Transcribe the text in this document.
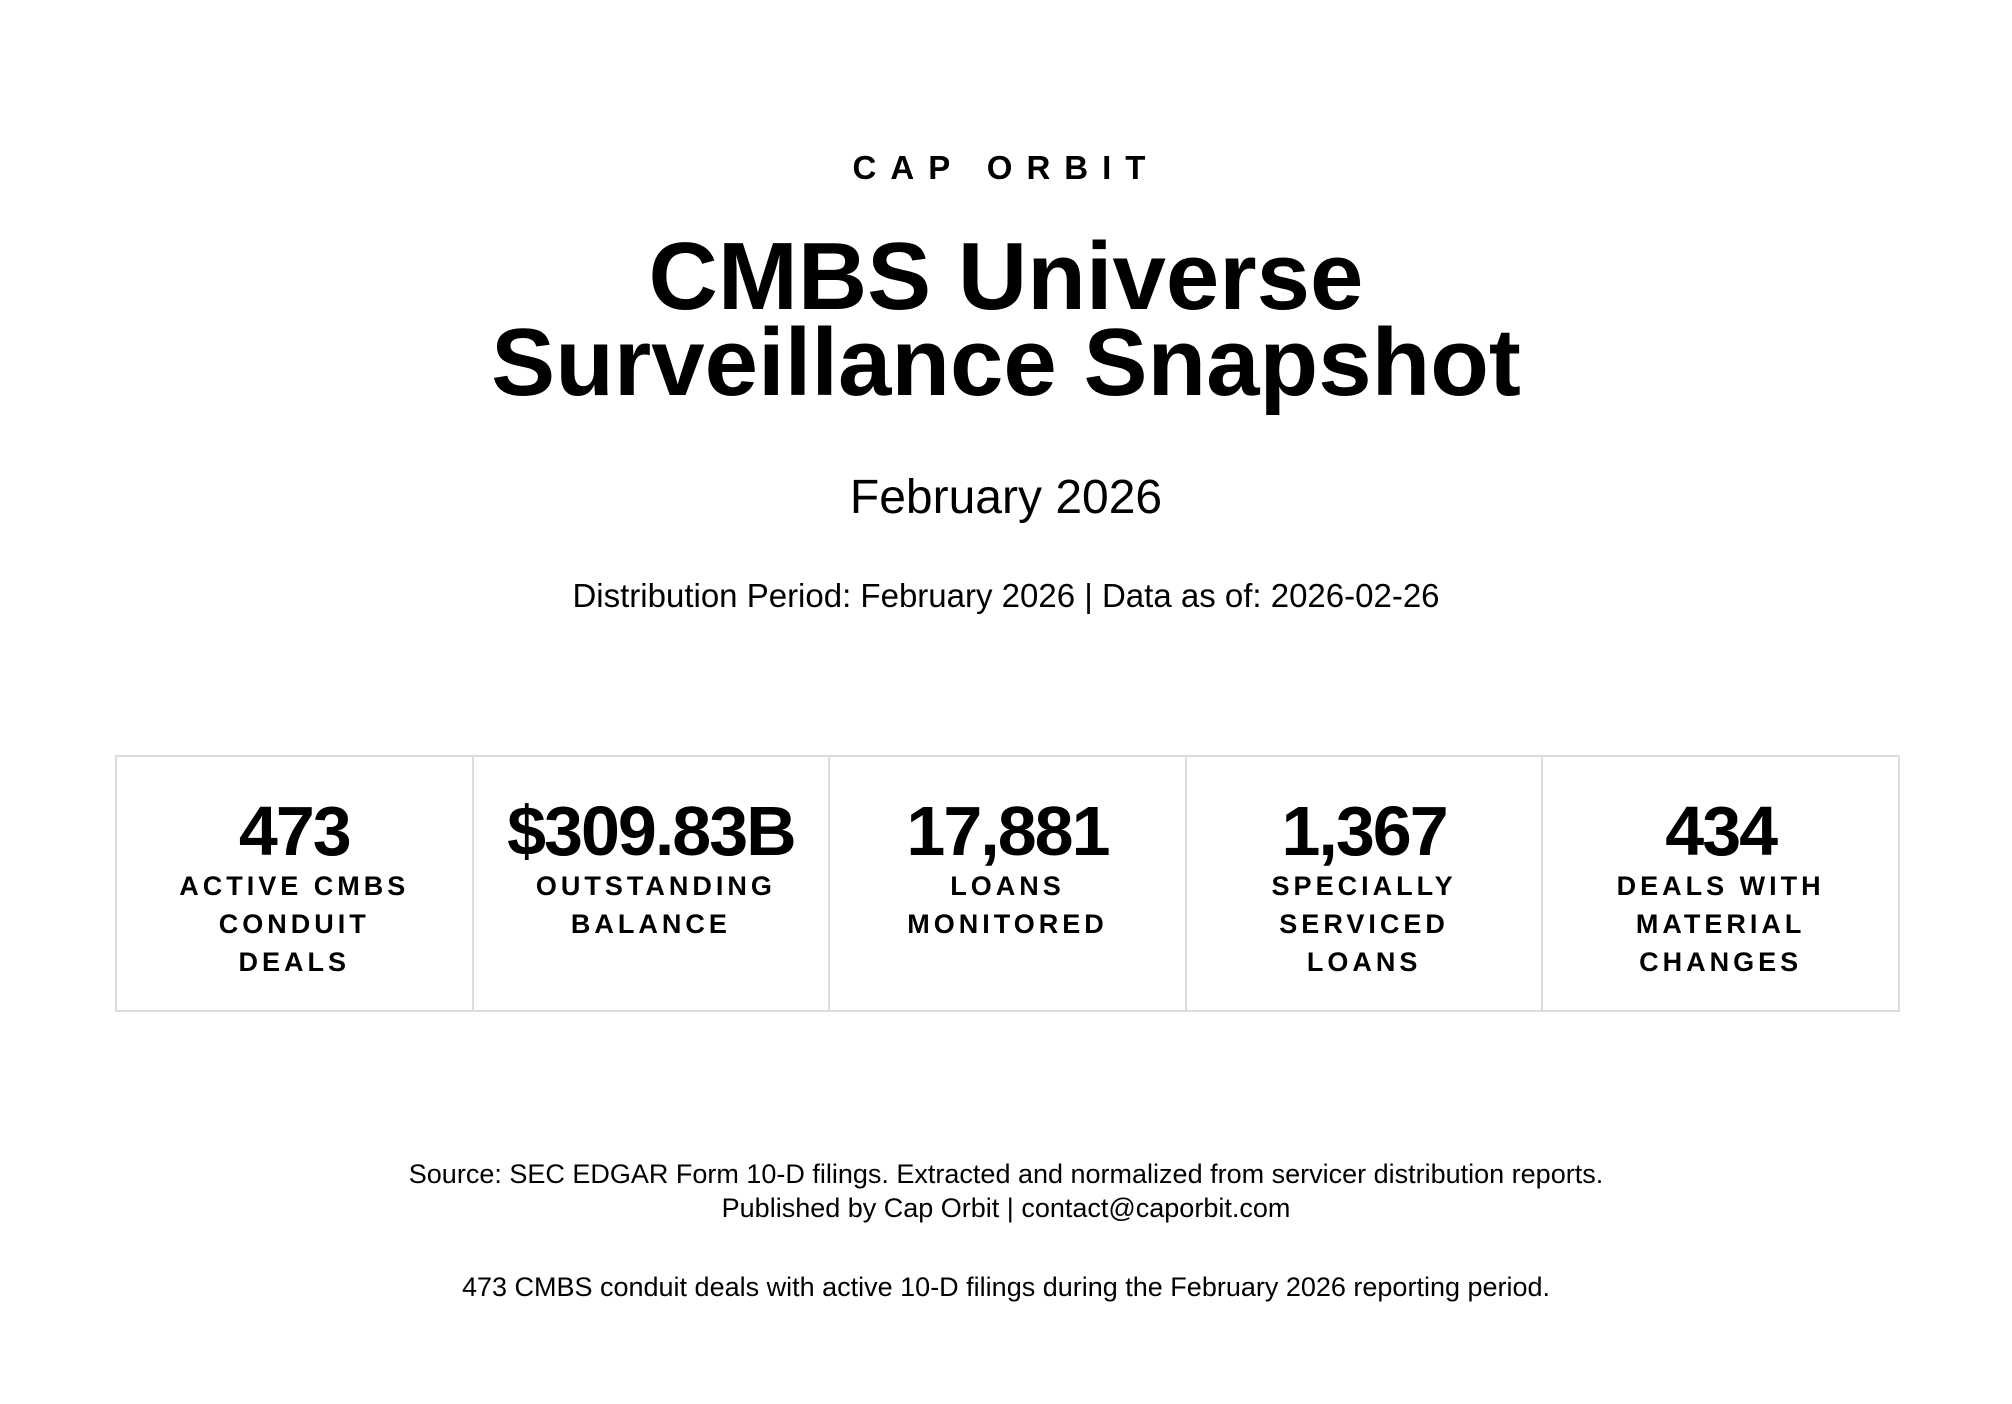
CAP ORBIT
CMBS Universe
Surveillance Snapshot
February 2026
Distribution Period: February 2026 | Data as of: 2026-02-26
473
ACTIVE CMBS CONDUIT DEALS
$309.83B
OUTSTANDING BALANCE
17,881
LOANS MONITORED
1,367
SPECIALLY SERVICED LOANS
434
DEALS WITH MATERIAL CHANGES
Source: SEC EDGAR Form 10-D filings. Extracted and normalized from servicer distribution reports.
Published by Cap Orbit | contact@caporbit.com
473 CMBS conduit deals with active 10-D filings during the February 2026 reporting period.
